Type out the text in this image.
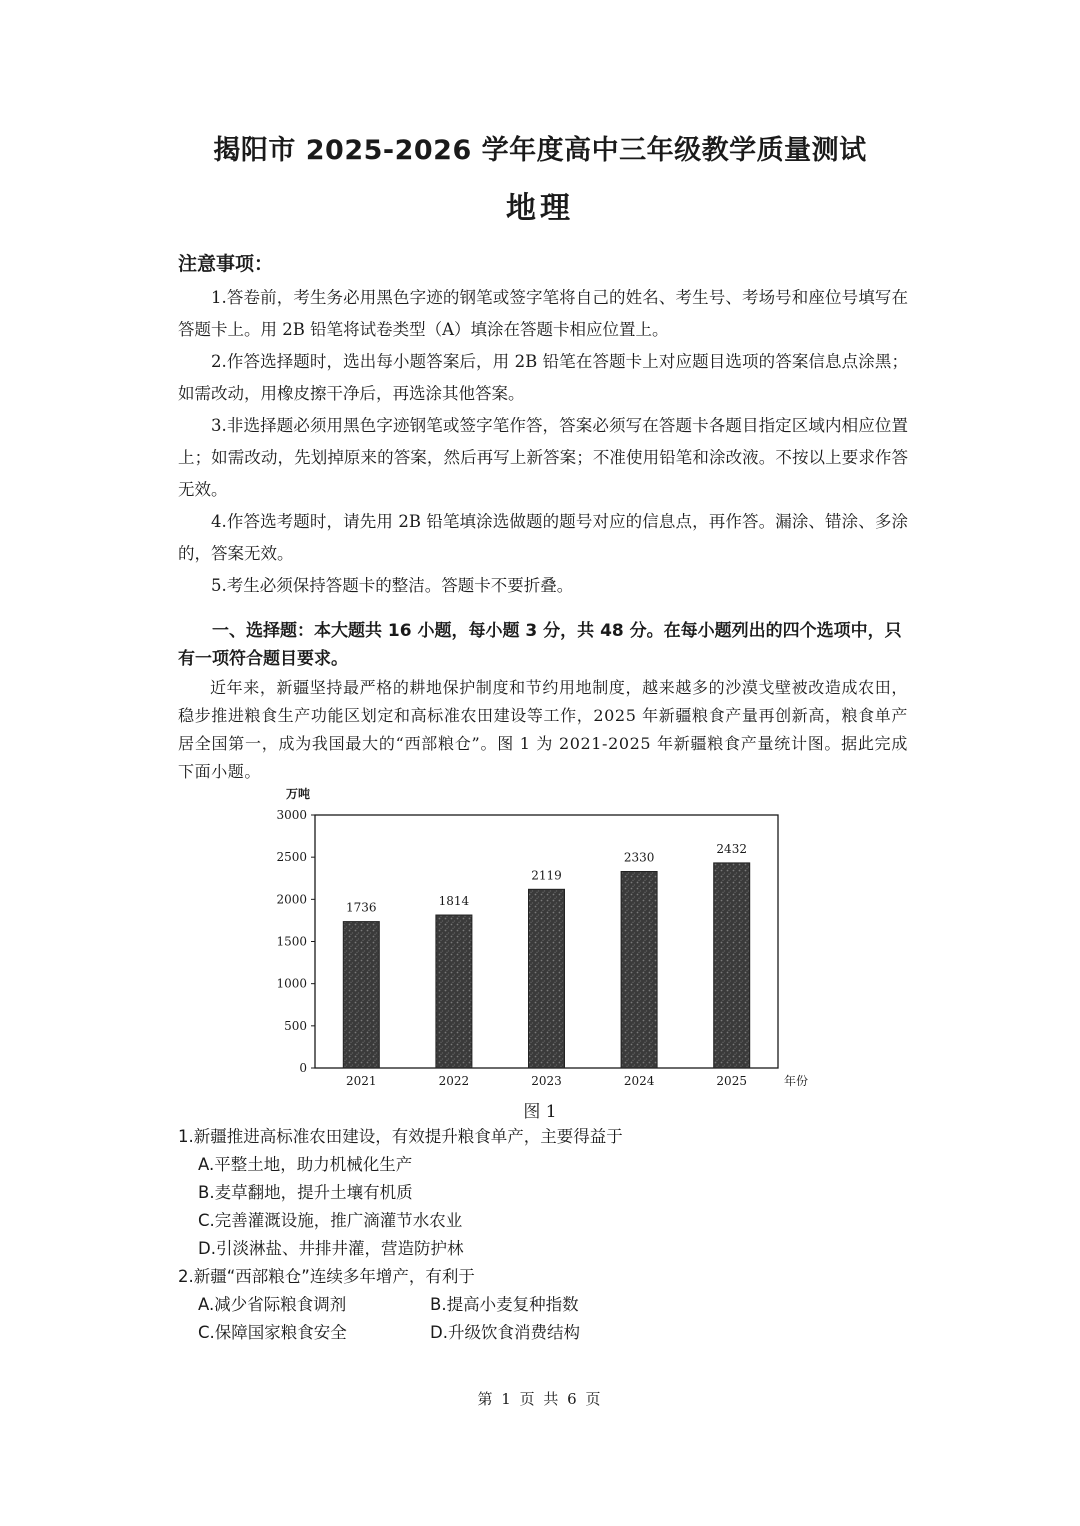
揭阳市 2025-2026 学年度高中三年级教学质量测试
地理
注意事项：

1.答卷前，考生务必用黑色字迹的钢笔或签字笔将自己的姓名、考生号、考场号和座位号填写在答题卡上。用 2B 铅笔将试卷类型（A）填涂在答题卡相应位置上。

2.作答选择题时，选出每小题答案后，用 2B 铅笔在答题卡上对应题目选项的答案信息点涂黑；如需改动，用橡皮擦干净后，再选涂其他答案。

3.非选择题必须用黑色字迹钢笔或签字笔作答，答案必须写在答题卡各题目指定区域内相应位置上；如需改动，先划掉原来的答案，然后再写上新答案；不准使用铅笔和涂改液。不按以上要求作答无效。

4.作答选考题时，请先用 2B 铅笔填涂选做题的题号对应的信息点，再作答。漏涂、错涂、多涂的，答案无效。

5.考生必须保持答题卡的整洁。答题卡不要折叠。

一、选择题：本大题共 16 小题，每小题 3 分，共 48 分。在每小题列出的四个选项中，只有一项符合题目要求。
近年来，新疆坚持最严格的耕地保护制度和节约用地制度，越来越多的沙漠戈壁被改造成农田，稳步推进粮食生产功能区划定和高标准农田建设等工作，2025 年新疆粮食产量再创新高，粮食单产居全国第一，成为我国最大的“西部粮仓”。图 1 为 2021-2025 年新疆粮食产量统计图。据此完成下面小题。
0
500
1000
1500
2000
2500
3000
万吨
1736
2021
1814
2022
2119
2023
2330
2024
2432
2025	年份
图 1
1.新疆推进高标准农田建设，有效提升粮食单产，主要得益于
A.平整土地，助力机械化生产
B.麦草翻地，提升土壤有机质
C.完善灌溉设施，推广滴灌节水农业
D.引淡淋盐、井排井灌，营造防护林
2.新疆“西部粮仓”连续多年增产，有利于
A.减少省际粮食调剂	B.提高小麦复种指数
C.保障国家粮食安全	D.升级饮食消费结构
第 1 页 共 6 页
